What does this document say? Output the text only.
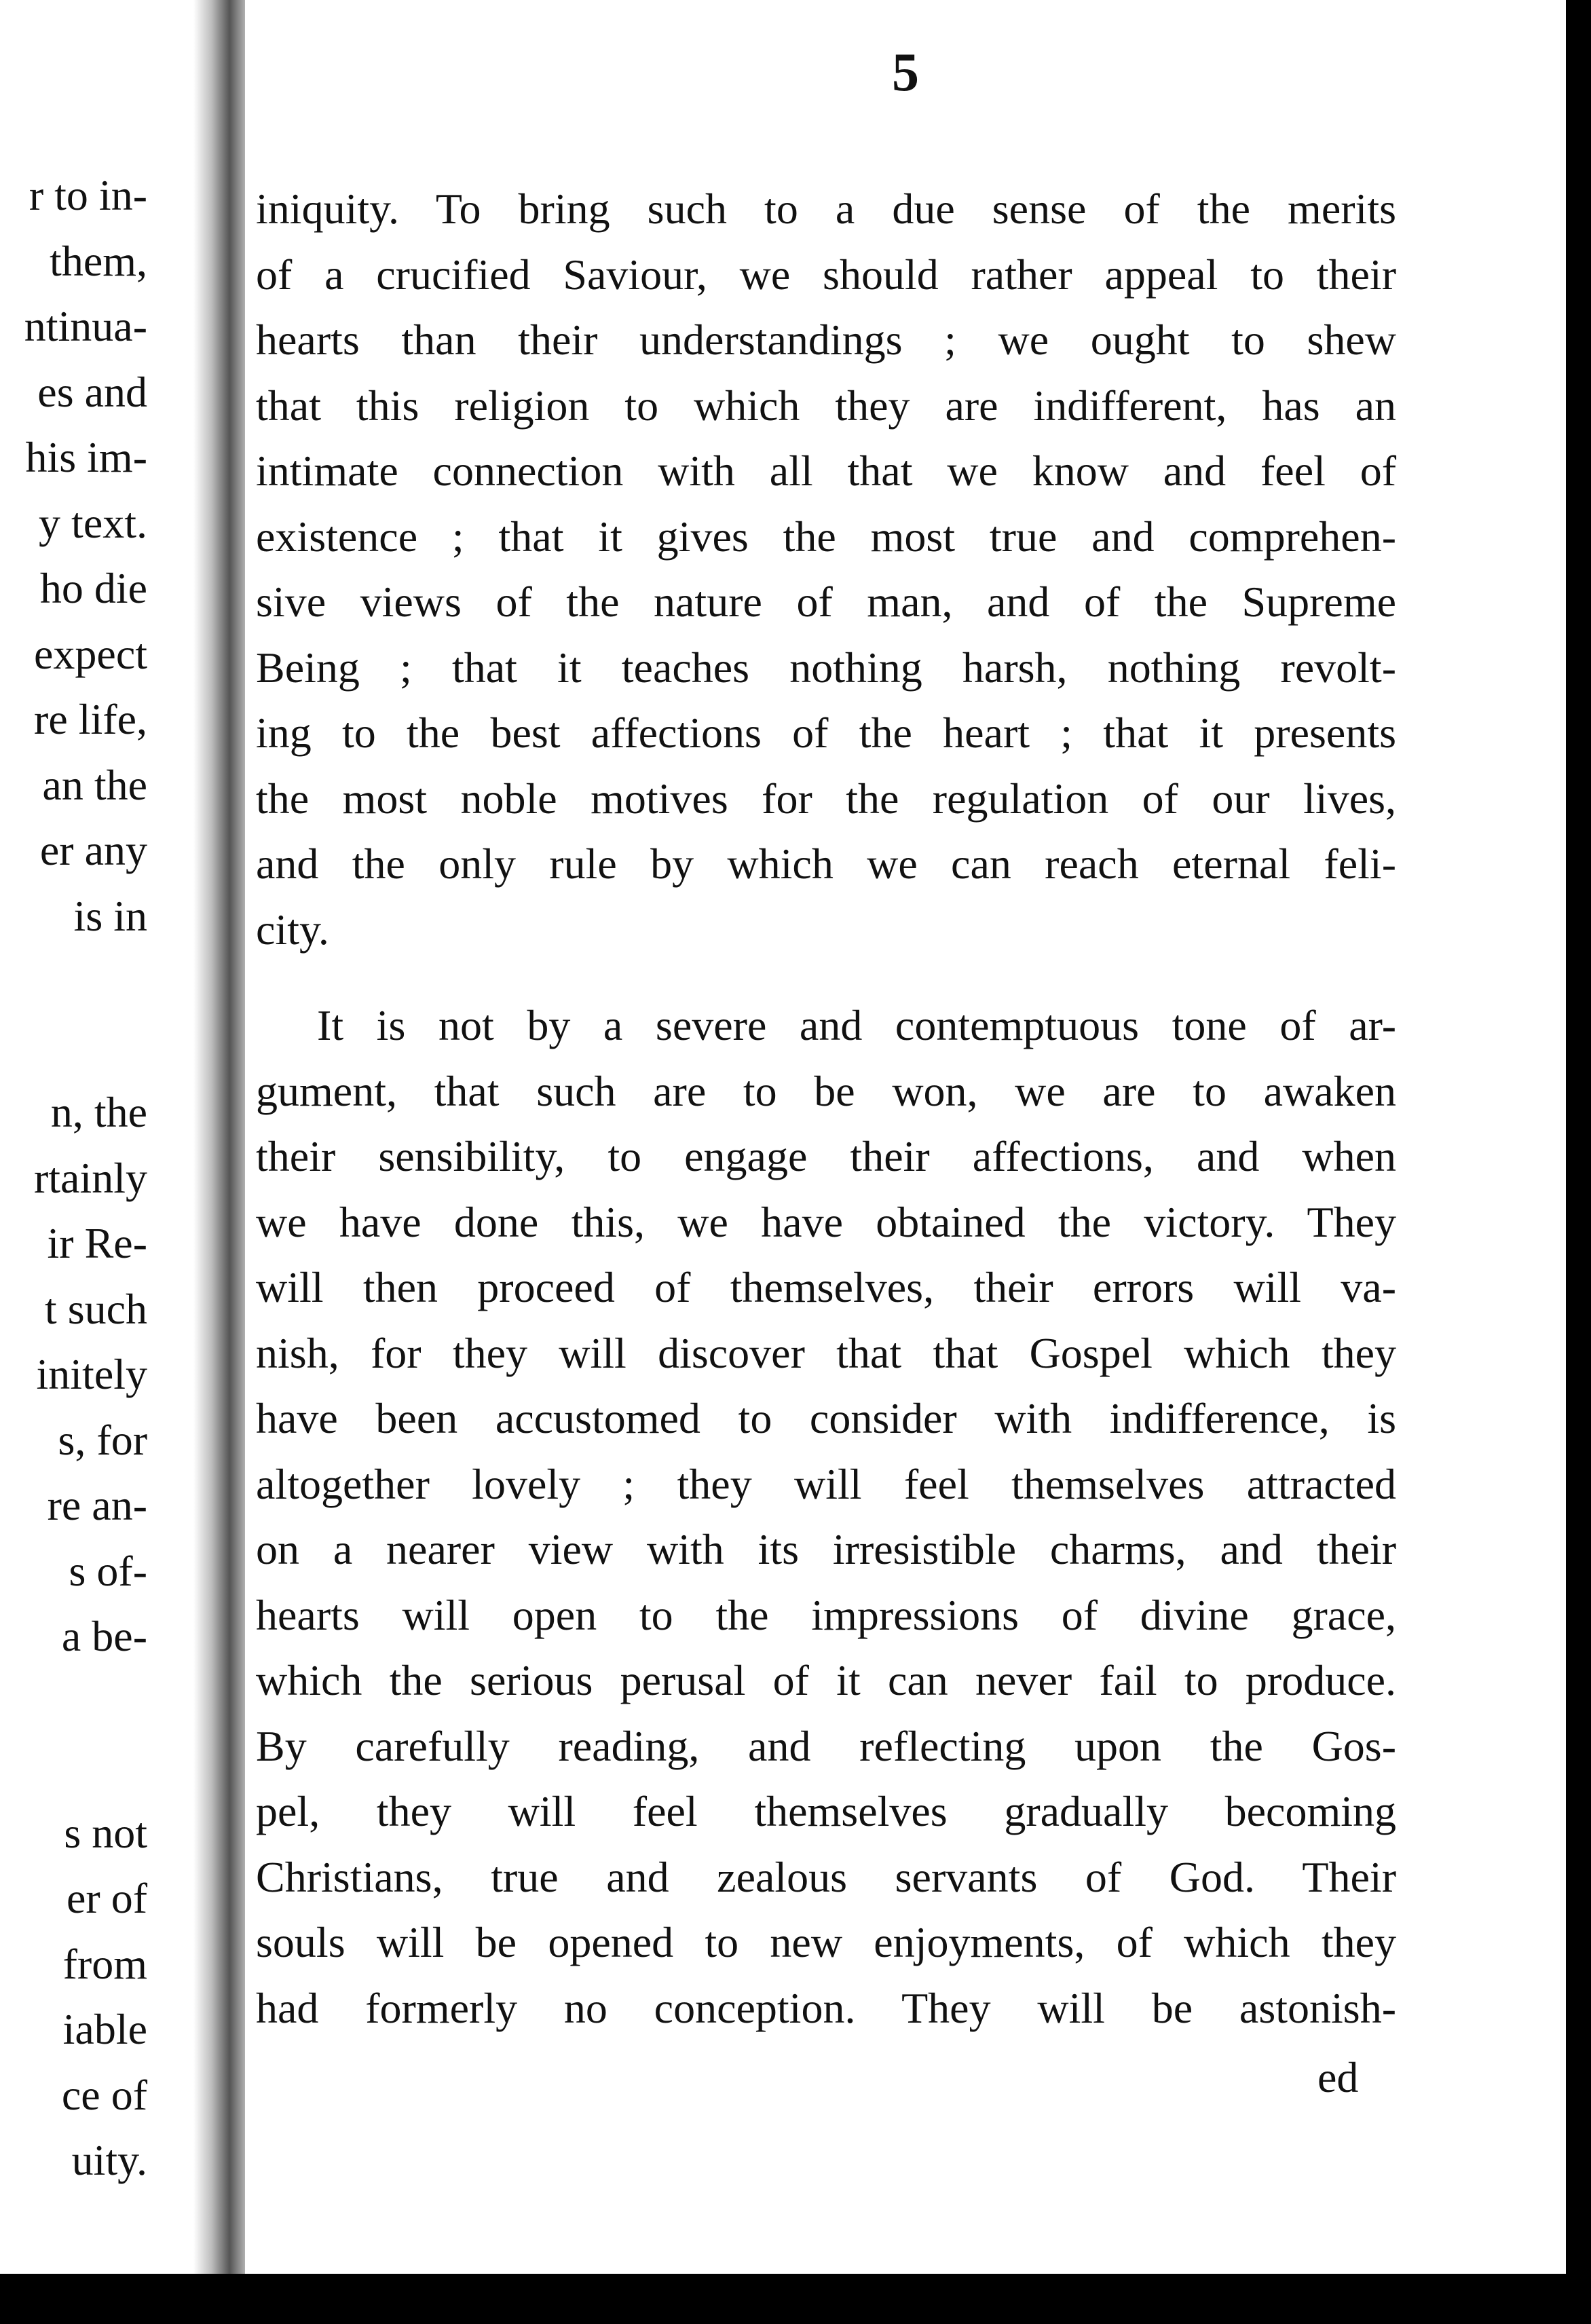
r to in-
them,
ntinua-
es and
his im-
y text.
ho die
expect
re life,
an the
er any
is in
n, the
rtainly
ir Re-
t such
initely
s, for
re an-
s of-
a be-
s not
er of
from
iable
ce of
uity.
5
iniquity. To bring such to a due sense of the merits
of a crucified Saviour, we should rather appeal to their
hearts than their understandings ; we ought to shew
that this religion to which they are indifferent, has an
intimate connection with all that we know and feel of
existence ; that it gives the most true and comprehen-
sive views of the nature of man, and of the Supreme
Being ; that it teaches nothing harsh, nothing revolt-
ing to the best affections of the heart ; that it presents
the most noble motives for the regulation of our lives,
and the only rule by which we can reach eternal feli-
city.
It is not by a severe and contemptuous tone of ar-
gument, that such are to be won, we are to awaken
their sensibility, to engage their affections, and when
we have done this, we have obtained the victory. They
will then proceed of themselves, their errors will va-
nish, for they will discover that that Gospel which they
have been accustomed to consider with indifference, is
altogether lovely ; they will feel themselves attracted
on a nearer view with its irresistible charms, and their
hearts will open to the impressions of divine grace,
which the serious perusal of it can never fail to produce.
By carefully reading, and reflecting upon the Gos-
pel, they will feel themselves gradually becoming
Christians, true and zealous servants of God. Their
souls will be opened to new enjoyments, of which they
had formerly no conception. They will be astonish-
ed
